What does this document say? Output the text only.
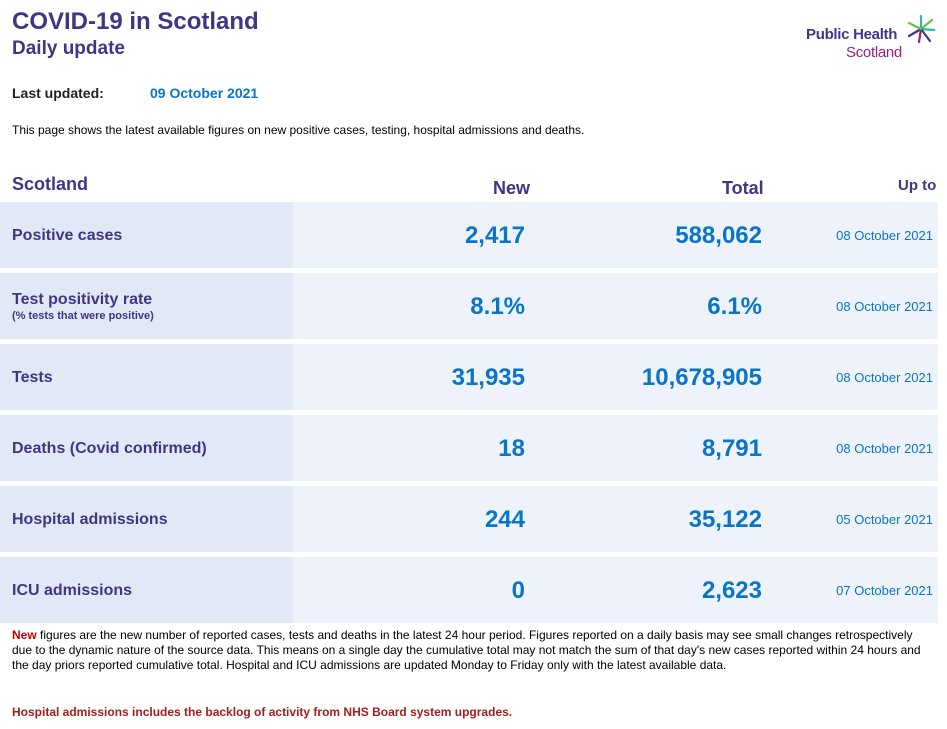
COVID-19 in Scotland
Daily update
Public Health
Scotland
Last updated:	09 October 2021
This page shows the latest available figures on new positive cases, testing, hospital admissions and deaths.
Scotland	New	Total	Up to
Positive cases	2,417	588,062	08 October 2021
Test positivity rate
(% tests that were positive)	8.1%	6.1%	08 October 2021
Tests	31,935	10,678,905	08 October 2021
Deaths (Covid confirmed)	18	8,791	08 October 2021
Hospital admissions	244	35,122	05 October 2021
ICU admissions	0	2,623	07 October 2021
New figures are the new number of reported cases, tests and deaths in the latest 24 hour period. Figures reported on a daily basis may see small changes retrospectively due to the dynamic nature of the source data. This means on a single day the cumulative total may not match the sum of that day's new cases reported within 24 hours and the day priors reported cumulative total. Hospital and ICU admissions are updated Monday to Friday only with the latest available data.
Hospital admissions includes the backlog of activity from NHS Board system upgrades.
